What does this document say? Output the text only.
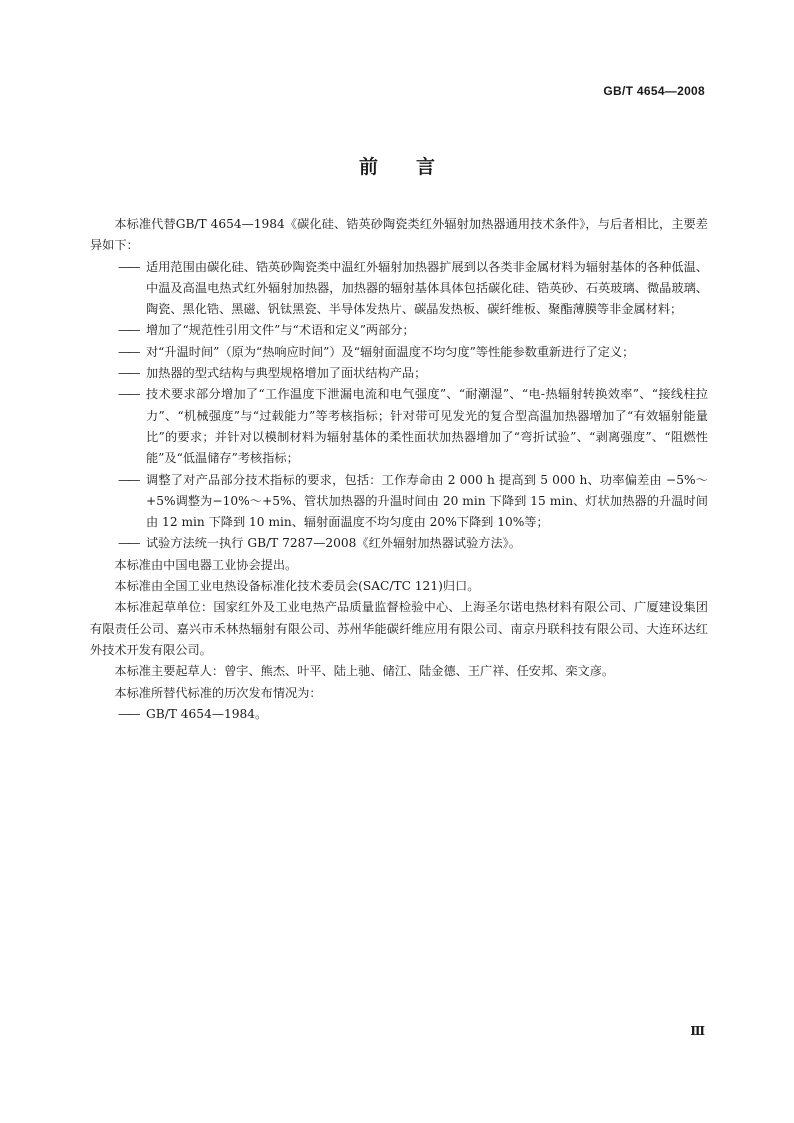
GB/T 4654—2008
前言

本标准代替GB/T 4654—1984《碳化硅、锆英砂陶瓷类红外辐射加热器通用技术条件》，与后者相比，主要差异如下：

—— 适用范围由碳化硅、锆英砂陶瓷类中温红外辐射加热器扩展到以各类非金属材料为辐射基体的各种低温、中温及高温电热式红外辐射加热器，加热器的辐射基体具体包括碳化硅、锆英砂、石英玻璃、微晶玻璃、陶瓷、黑化锆、黑磁、钒钛黑瓷、半导体发热片、碳晶发热板、碳纤维板、聚酯薄膜等非金属材料；

—— 增加了“规范性引用文件”与“术语和定义”两部分；

—— 对“升温时间”（原为“热响应时间”）及“辐射面温度不均匀度”等性能参数重新进行了定义；

—— 加热器的型式结构与典型规格增加了面状结构产品；

—— 技术要求部分增加了“工作温度下泄漏电流和电气强度”、“耐潮湿”、“电-热辐射转换效率”、“接线柱拉力”、“机械强度”与“过载能力”等考核指标；针对带可见发光的复合型高温加热器增加了“有效辐射能量比”的要求；并针对以模制材料为辐射基体的柔性面状加热器增加了“弯折试验”、“剥离强度”、“阻燃性能”及“低温储存”考核指标；

—— 调整了对产品部分技术指标的要求，包括：工作寿命由 2 000 h 提高到 5 000 h、功率偏差由 −5%～+5%调整为−10%～+5%、管状加热器的升温时间由 20 min 下降到 15 min、灯状加热器的升温时间由 12 min 下降到 10 min、辐射面温度不均匀度由 20%下降到 10%等；

—— 试验方法统一执行 GB/T 7287—2008《红外辐射加热器试验方法》。

本标准由中国电器工业协会提出。

本标准由全国工业电热设备标准化技术委员会(SAC/TC 121)归口。

本标准起草单位：国家红外及工业电热产品质量监督检验中心、上海圣尔诺电热材料有限公司、广厦建设集团有限责任公司、嘉兴市禾林热辐射有限公司、苏州华能碳纤维应用有限公司、南京丹联科技有限公司、大连环达红外技术开发有限公司。

本标准主要起草人：曾宇、熊杰、叶平、陆上驰、储江、陆金德、王广祥、任安邦、栾文彦。

本标准所替代标准的历次发布情况为：

—— GB/T 4654—1984。

Ⅲ
